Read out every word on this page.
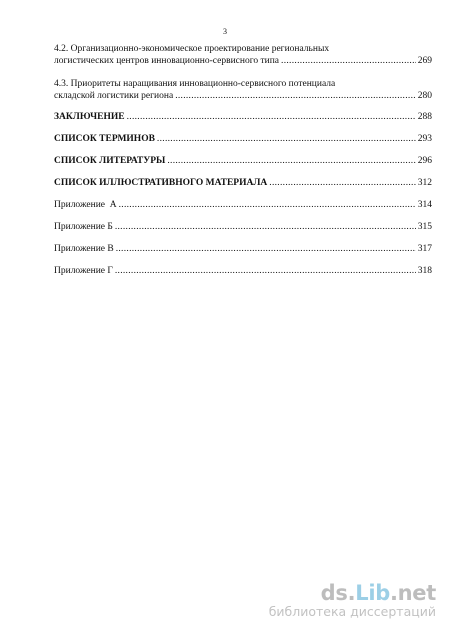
3
4.2. Организационно-экономическое проектирование региональных
логистических центров инновационно-сервисного типа .....	269
4.3. Приоритеты наращивания инновационно-сервисного потенциала
складской логистики региона .....	280
ЗАКЛЮЧЕНИЕ .....	288
СПИСОК ТЕРМИНОВ .....	293
СПИСОК ЛИТЕРАТУРЫ .....	296
СПИСОК ИЛЛЮСТРАТИВНОГО МАТЕРИАЛА .....	312
Приложение  А .....	314
Приложение Б .....	315
Приложение В .....	317
Приложение Г .....	318
ds.Lib.net
библиотека диссертаций
